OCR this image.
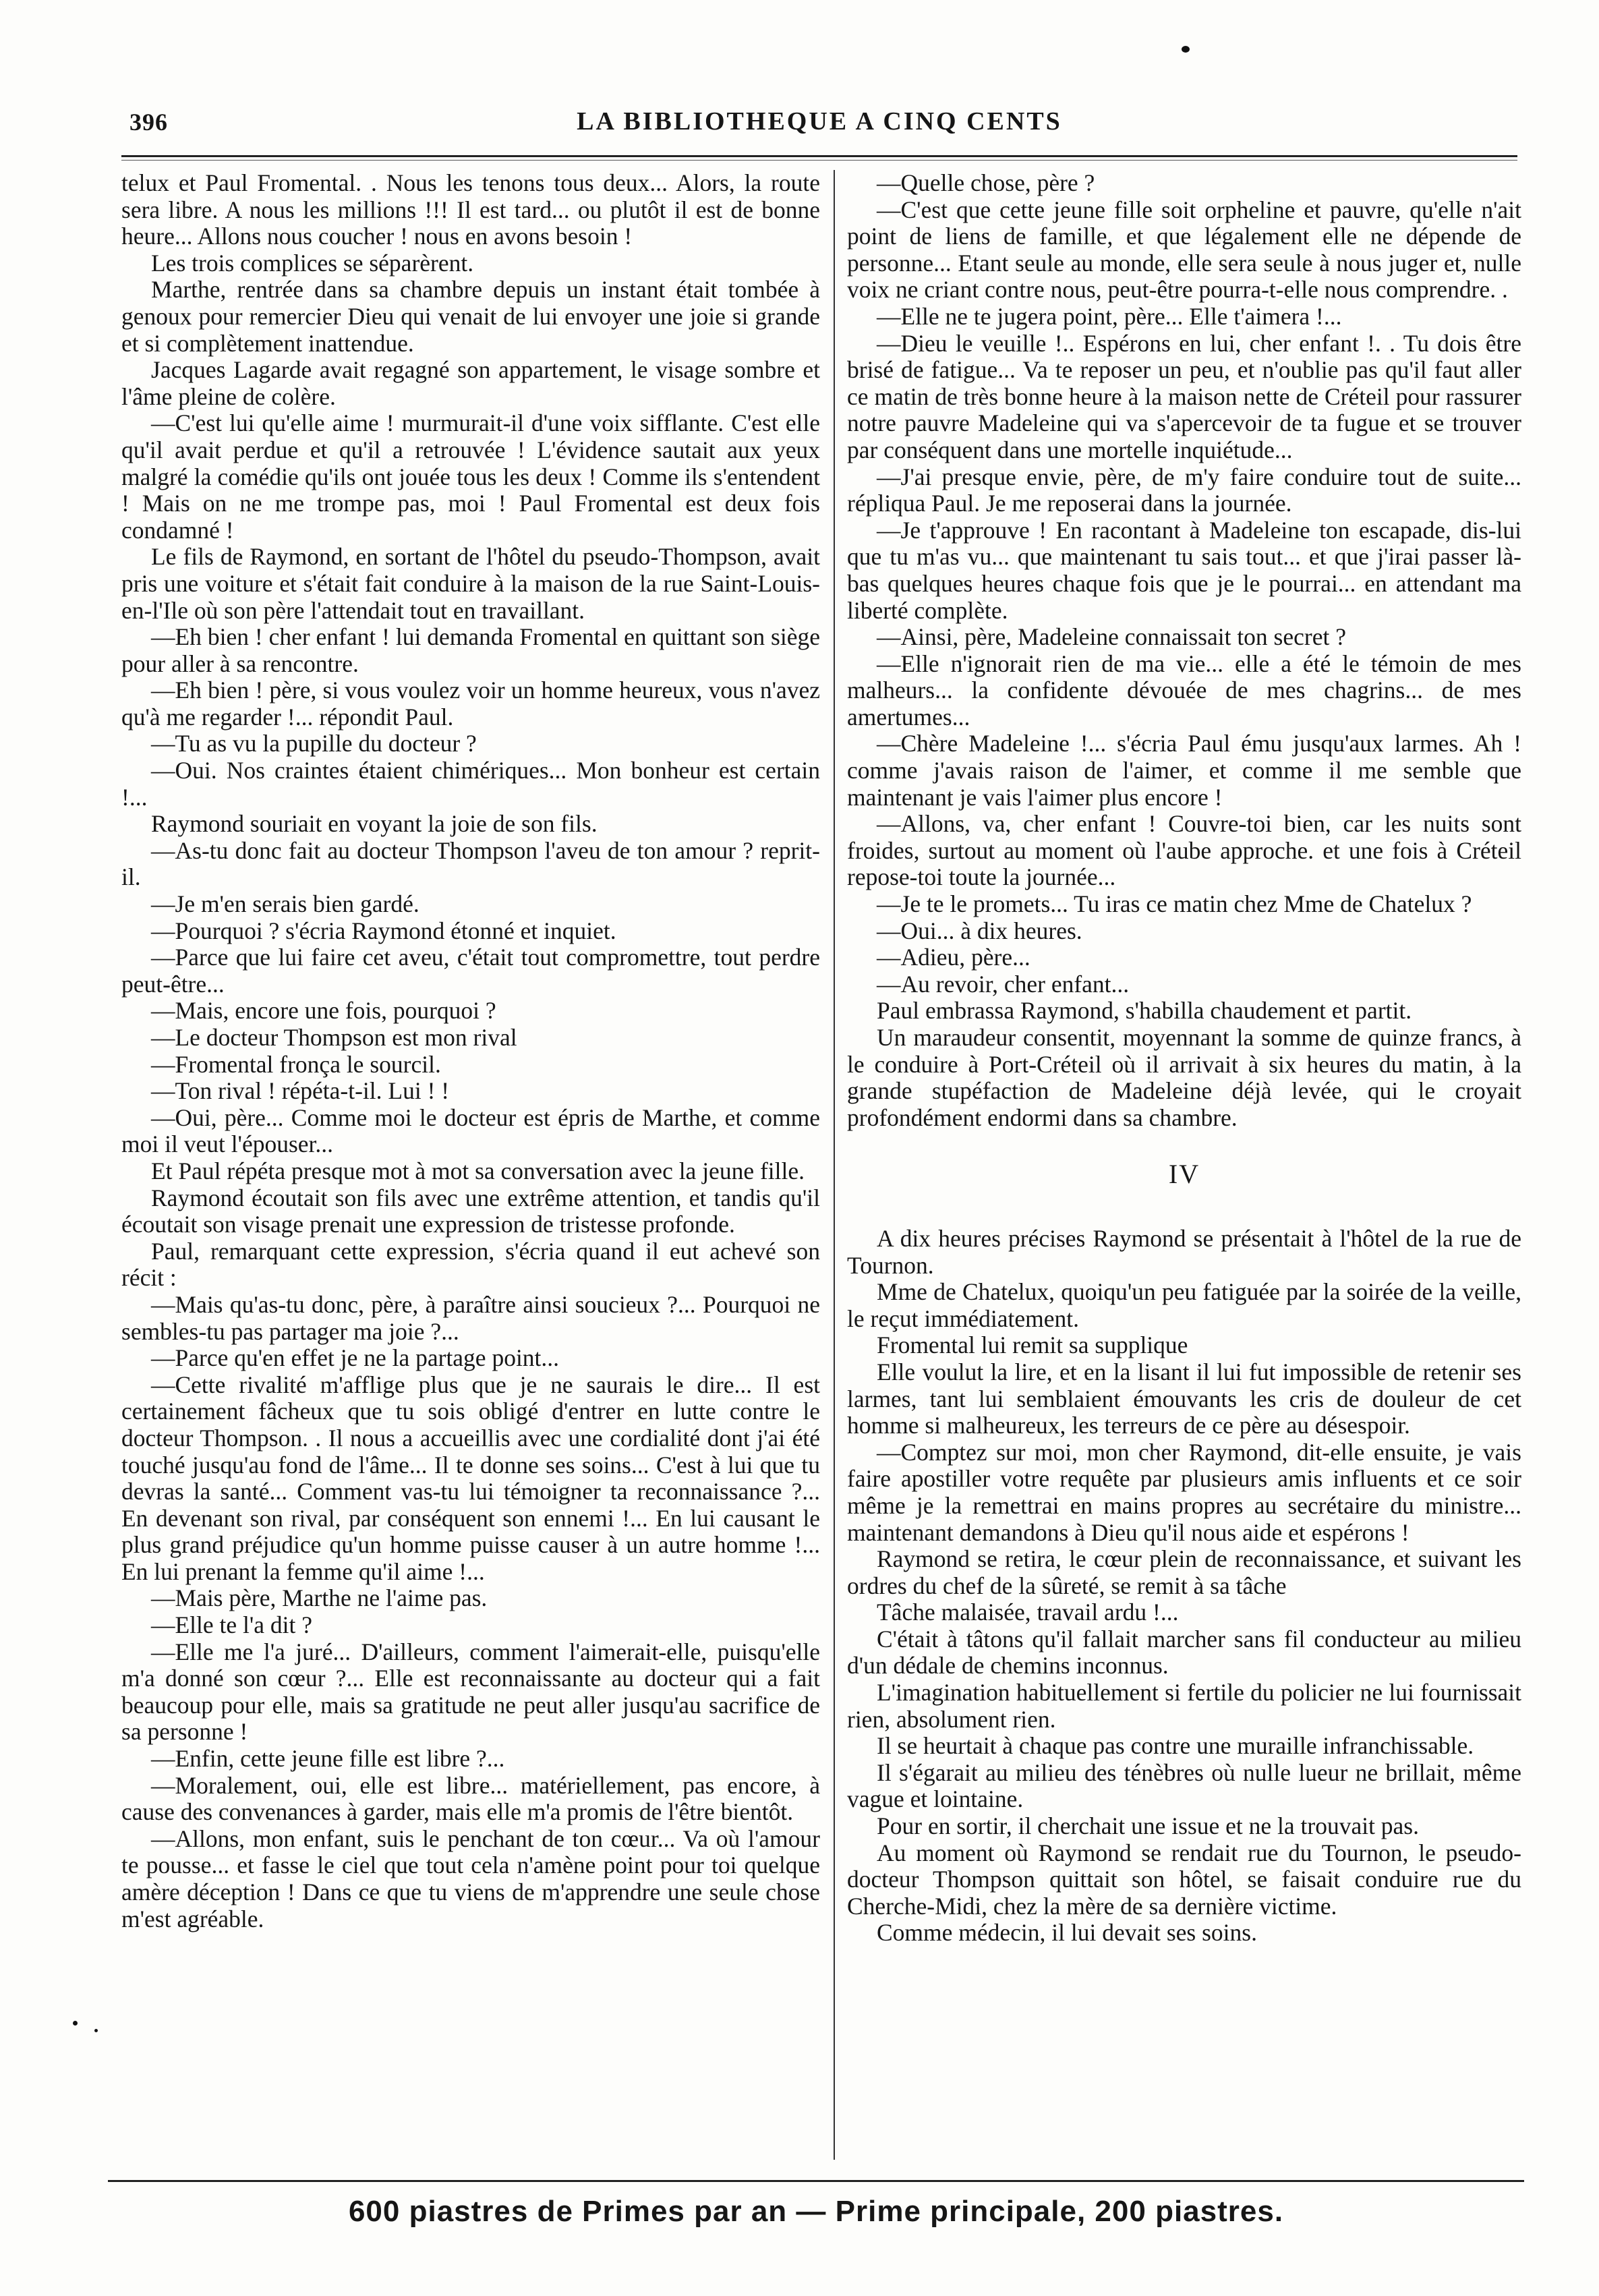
396	LA BIBLIOTHEQUE A CINQ CENTS

telux et Paul Fromental. . Nous les tenons tous deux... Alors, la route sera libre. A nous les millions !!! Il est tard... ou plutôt il est de bonne heure... Allons nous coucher ! nous en avons besoin !

Les trois complices se séparèrent.

Marthe, rentrée dans sa chambre depuis un instant était tombée à genoux pour remercier Dieu qui venait de lui envoyer une joie si grande et si complètement inattendue.

Jacques Lagarde avait regagné son appartement, le visage sombre et l'âme pleine de colère.

—C'est lui qu'elle aime ! murmurait-il d'une voix sifflante. C'est elle qu'il avait perdue et qu'il a retrouvée ! L'évidence sautait aux yeux malgré la comédie qu'ils ont jouée tous les deux ! Comme ils s'entendent ! Mais on ne me trompe pas, moi ! Paul Fromental est deux fois condamné !

Le fils de Raymond, en sortant de l'hôtel du pseudo-Thompson, avait pris une voiture et s'était fait conduire à la maison de la rue Saint-Louis-en-l'Ile où son père l'attendait tout en travaillant.

—Eh bien ! cher enfant ! lui demanda Fromental en quittant son siège pour aller à sa rencontre.

—Eh bien ! père, si vous voulez voir un homme heureux, vous n'avez qu'à me regarder !... répondit Paul.

—Tu as vu la pupille du docteur ?

—Oui. Nos craintes étaient chimériques... Mon bonheur est certain !...

Raymond souriait en voyant la joie de son fils.

—As-tu donc fait au docteur Thompson l'aveu de ton amour ? reprit-il.

—Je m'en serais bien gardé.

—Pourquoi ? s'écria Raymond étonné et inquiet.

—Parce que lui faire cet aveu, c'était tout compromettre, tout perdre peut-être...

—Mais, encore une fois, pourquoi ?

—Le docteur Thompson est mon rival

—Fromental fronça le sourcil.

—Ton rival ! répéta-t-il. Lui ! !

—Oui, père... Comme moi le docteur est épris de Marthe, et comme moi il veut l'épouser...

Et Paul répéta presque mot à mot sa conversation avec la jeune fille.

Raymond écoutait son fils avec une extrême attention, et tandis qu'il écoutait son visage prenait une expression de tristesse profonde.

Paul, remarquant cette expression, s'écria quand il eut achevé son récit :

—Mais qu'as-tu donc, père, à paraître ainsi soucieux ?... Pourquoi ne sembles-tu pas partager ma joie ?...

—Parce qu'en effet je ne la partage point...

—Cette rivalité m'afflige plus que je ne saurais le dire... Il est certainement fâcheux que tu sois obligé d'entrer en lutte contre le docteur Thompson. . Il nous a accueillis avec une cordialité dont j'ai été touché jusqu'au fond de l'âme... Il te donne ses soins... C'est à lui que tu devras la santé... Comment vas-tu lui témoigner ta reconnaissance ?... En devenant son rival, par conséquent son ennemi !... En lui causant le plus grand préjudice qu'un homme puisse causer à un autre homme !... En lui prenant la femme qu'il aime !...

—Mais père, Marthe ne l'aime pas.

—Elle te l'a dit ?

—Elle me l'a juré... D'ailleurs, comment l'aimerait-elle, puisqu'elle m'a donné son cœur ?... Elle est reconnaissante au docteur qui a fait beaucoup pour elle, mais sa gratitude ne peut aller jusqu'au sacrifice de sa personne !

—Enfin, cette jeune fille est libre ?...

—Moralement, oui, elle est libre... matériellement, pas encore, à cause des convenances à garder, mais elle m'a promis de l'être bientôt.

—Allons, mon enfant, suis le penchant de ton cœur... Va où l'amour te pousse... et fasse le ciel que tout cela n'amène point pour toi quelque amère déception ! Dans ce que tu viens de m'apprendre une seule chose m'est agréable.

—Quelle chose, père ?

—C'est que cette jeune fille soit orpheline et pauvre, qu'elle n'ait point de liens de famille, et que légalement elle ne dépende de personne... Etant seule au monde, elle sera seule à nous juger et, nulle voix ne criant contre nous, peut-être pourra-t-elle nous comprendre. .

—Elle ne te jugera point, père... Elle t'aimera !...

—Dieu le veuille !.. Espérons en lui, cher enfant !. . Tu dois être brisé de fatigue... Va te reposer un peu, et n'oublie pas qu'il faut aller ce matin de très bonne heure à la maison nette de Créteil pour rassurer notre pauvre Madeleine qui va s'apercevoir de ta fugue et se trouver par conséquent dans une mortelle inquiétude...

—J'ai presque envie, père, de m'y faire conduire tout de suite... répliqua Paul. Je me reposerai dans la journée.

—Je t'approuve ! En racontant à Madeleine ton escapade, dis-lui que tu m'as vu... que maintenant tu sais tout... et que j'irai passer là-bas quelques heures chaque fois que je le pourrai... en attendant ma liberté complète.

—Ainsi, père, Madeleine connaissait ton secret ?

—Elle n'ignorait rien de ma vie... elle a été le témoin de mes malheurs... la confidente dévouée de mes chagrins... de mes amertumes...

—Chère Madeleine !... s'écria Paul ému jusqu'aux larmes. Ah ! comme j'avais raison de l'aimer, et comme il me semble que maintenant je vais l'aimer plus encore !

—Allons, va, cher enfant ! Couvre-toi bien, car les nuits sont froides, surtout au moment où l'aube approche. et une fois à Créteil repose-toi toute la journée...

—Je te le promets... Tu iras ce matin chez Mme de Chatelux ?

—Oui... à dix heures.

—Adieu, père...

—Au revoir, cher enfant...

Paul embrassa Raymond, s'habilla chaudement et partit.

Un maraudeur consentit, moyennant la somme de quinze francs, à le conduire à Port-Créteil où il arrivait à six heures du matin, à la grande stupéfaction de Madeleine déjà levée, qui le croyait profondément endormi dans sa chambre.

IV

A dix heures précises Raymond se présentait à l'hôtel de la rue de Tournon.

Mme de Chatelux, quoiqu'un peu fatiguée par la soirée de la veille, le reçut immédiatement.

Fromental lui remit sa supplique

Elle voulut la lire, et en la lisant il lui fut impossible de retenir ses larmes, tant lui semblaient émouvants les cris de douleur de cet homme si malheureux, les terreurs de ce père au désespoir.

—Comptez sur moi, mon cher Raymond, dit-elle ensuite, je vais faire apostiller votre requête par plusieurs amis influents et ce soir même je la remettrai en mains propres au secrétaire du ministre... maintenant demandons à Dieu qu'il nous aide et espérons !

Raymond se retira, le cœur plein de reconnaissance, et suivant les ordres du chef de la sûreté, se remit à sa tâche

Tâche malaisée, travail ardu !...

C'était à tâtons qu'il fallait marcher sans fil conducteur au milieu d'un dédale de chemins inconnus.

L'imagination habituellement si fertile du policier ne lui fournissait rien, absolument rien.

Il se heurtait à chaque pas contre une muraille infranchissable.

Il s'égarait au milieu des ténèbres où nulle lueur ne brillait, même vague et lointaine.

Pour en sortir, il cherchait une issue et ne la trouvait pas.

Au moment où Raymond se rendait rue du Tournon, le pseudo-docteur Thompson quittait son hôtel, se faisait conduire rue du Cherche-Midi, chez la mère de sa dernière victime.

Comme médecin, il lui devait ses soins.

600 piastres de Primes par an — Prime principale, 200 piastres.
